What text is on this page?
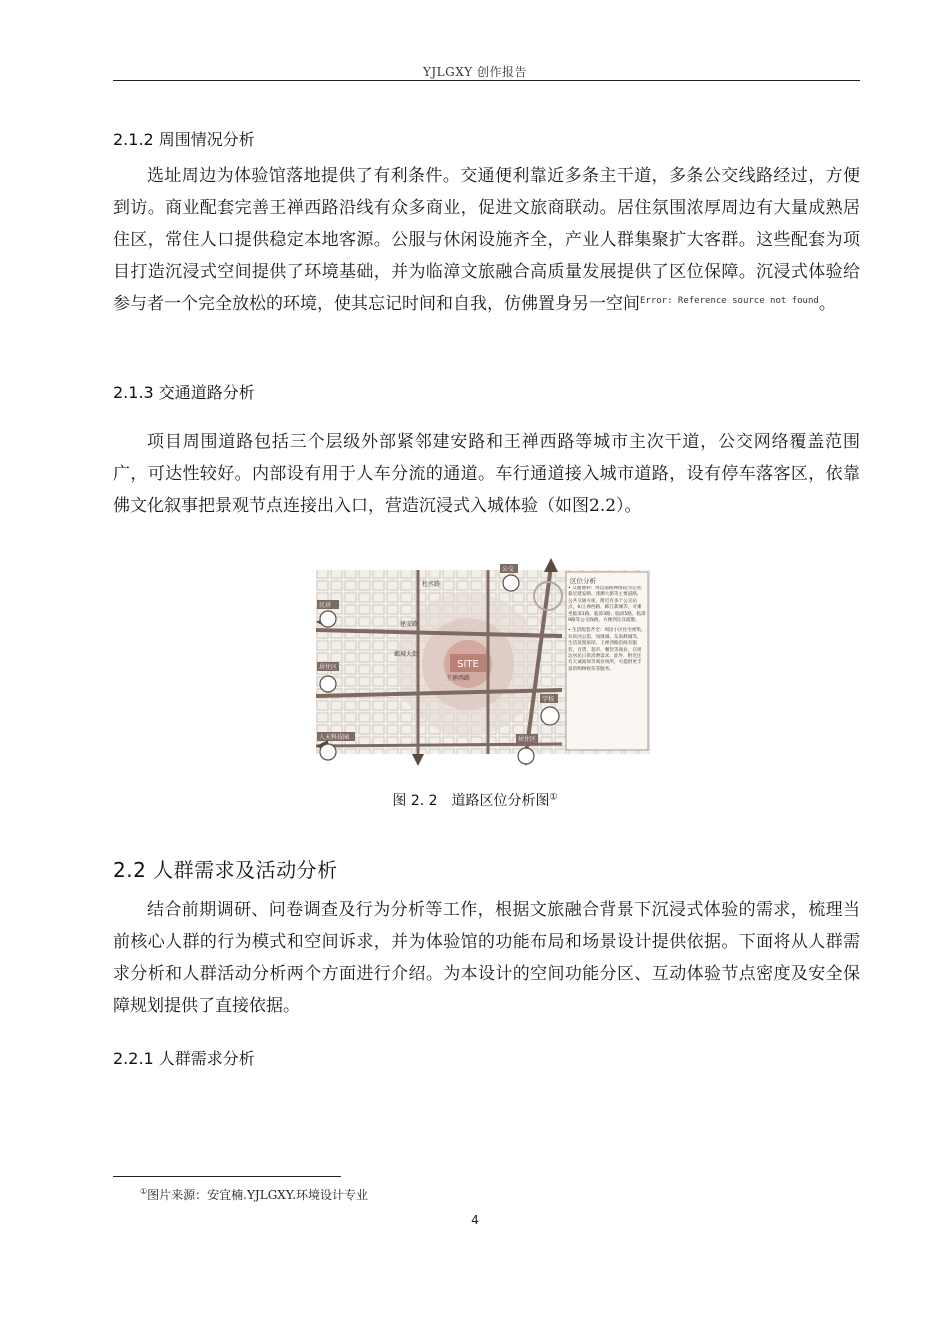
YJLGXY 创作报告
2.1.2 周围情况分析

选址周边为体验馆落地提供了有利条件。交通便利靠近多条主干道，多条公交线路经过，方便到访。商业配套完善王禅西路沿线有众多商业，促进文旅商联动。居住氛围浓厚周边有大量成熟居住区，常住人口提供稳定本地客源。公服与休闲设施齐全，产业人群集聚扩大客群。这些配套为项目打造沉浸式空间提供了环境基础，并为临漳文旅融合高质量发展提供了区位保障。沉浸式体验给参与者一个完全放松的环境，使其忘记时间和自我，仿佛置身另一空间$^{Error: Reference source not found}$。

2.1.3 交通道路分析

项目周围道路包括三个层级外部紧邻建安路和王禅西路等城市主次干道，公交网络覆盖范围广，可达性较好。内部设有用于人车分流的通道。车行通道接入城市道路，设有停车落客区，依靠佛文化叙事把景观节点连接出入口，营造沉浸式入城体验（如图2.2）。

SITE
建安路
王禅西路
杜丞路
邺城大街
民居
居住区
人天科技园
公交
学校
居住区
区位分析
• 交通便利：周边道路网络较为完善，靠近建安路、滦渊大街等主要道路，公共交通方面，附近有多个公交站点，如王禅西路、邺江新城等，可乘坐临漳1路、临漳3路、临漳5路、临漳9路等公交线路，方便到达及疏散。
• 生活配套齐全：周边小区住宅密集，有滨河公馆、凤凰城、东南邺城等，生活氛围浓厚。王禅西路沿线有服装、百货、超市、餐饮等商业，在周边居民日常消费需求，此外，附近还有天诚商场等商业场所，可提供更丰富的购物娱乐等服务。
图 2. 2　道路区位分析图①
2.2 人群需求及活动分析

结合前期调研、问卷调查及行为分析等工作，根据文旅融合背景下沉浸式体验的需求，梳理当前核心人群的行为模式和空间诉求，并为体验馆的功能布局和场景设计提供依据。下面将从人群需求分析和人群活动分析两个方面进行介绍。为本设计的空间功能分区、互动体验节点密度及安全保障规划提供了直接依据。

2.2.1 人群需求分析
①图片来源：安宜楠.YJLGXY.环境设计专业
4
